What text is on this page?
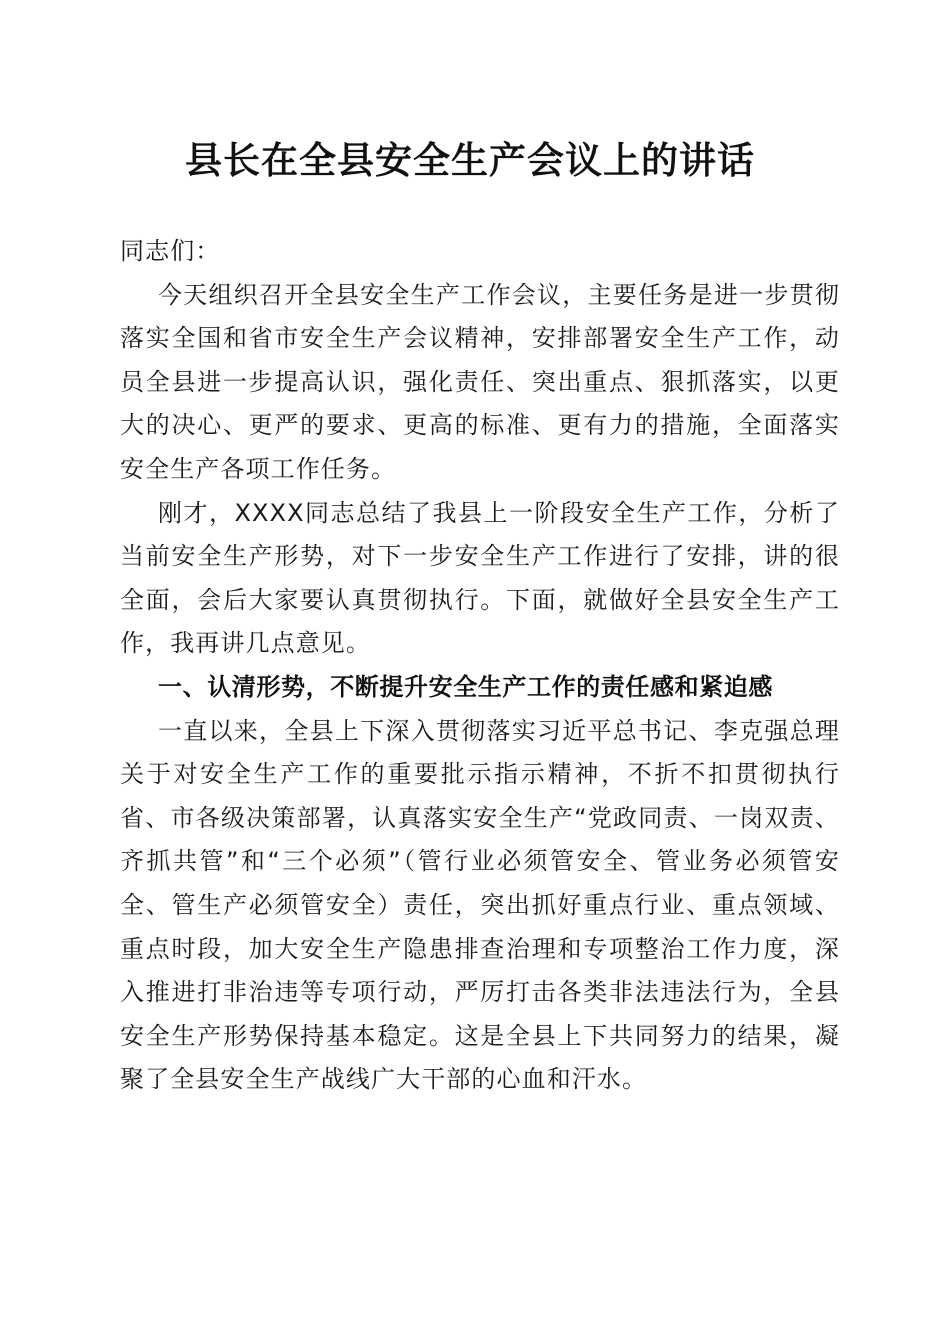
县长在全县安全生产会议上的讲话

同志们：

今天组织召开全县安全生产工作会议，主要任务是进一步贯彻落实全国和省市安全生产会议精神，安排部署安全生产工作，动员全县进一步提高认识，强化责任、突出重点、狠抓落实，以更大的决心、更严的要求、更高的标准、更有力的措施，全面落实安全生产各项工作任务。

刚才，XXXX同志总结了我县上一阶段安全生产工作，分析了当前安全生产形势，对下一步安全生产工作进行了安排，讲的很全面，会后大家要认真贯彻执行。下面，就做好全县安全生产工作，我再讲几点意见。

一、认清形势，不断提升安全生产工作的责任感和紧迫感

一直以来，全县上下深入贯彻落实习近平总书记、李克强总理关于对安全生产工作的重要批示指示精神，不折不扣贯彻执行省、市各级决策部署，认真落实安全生产“党政同责、一岗双责、齐抓共管”和“三个必须”（管行业必须管安全、管业务必须管安全、管生产必须管安全）责任，突出抓好重点行业、重点领域、重点时段，加大安全生产隐患排查治理和专项整治工作力度，深入推进打非治违等专项行动，严厉打击各类非法违法行为，全县安全生产形势保持基本稳定。这是全县上下共同努力的结果，凝聚了全县安全生产战线广大干部的心血和汗水。
